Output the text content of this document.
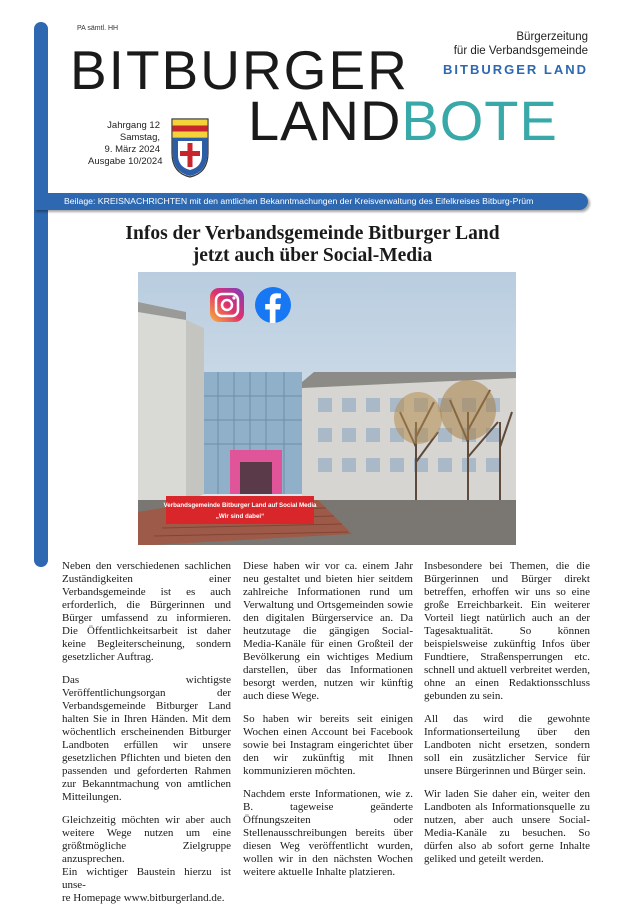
PA sämtl. HH
BITBURGER
Bürgerzeitung
für die Verbandsgemeinde
BITBURGER LAND
Jahrgang 12
Samstag,
9. März 2024
Ausgabe 10/2024
LANDBOTE
Beilage: KREISNACHRICHTEN mit den amtlichen Bekanntmachungen der Kreisverwaltung des Eifelkreises Bitburg-Prüm
Infos der Verbandsgemeinde Bitburger Land
jetzt auch über Social-Media
Verbandsgemeinde Bitburger Land auf Social Media
„Wir sind dabei“

Neben den verschiedenen sachlichen Zuständigkeiten einer Verbandsgemeinde ist es auch erforderlich, die Bürgerinnen und Bürger umfassend zu informieren. Die Öffentlichkeitsarbeit ist daher keine Begleiterscheinung, sondern gesetzlicher Auftrag.

Das wichtigste Veröffentlichungsorgan der Verbandsgemeinde Bitburger Land halten Sie in Ihren Händen. Mit dem wöchentlich erscheinenden Bitburger Landboten erfüllen wir unsere gesetzlichen Pflichten und bieten den passenden und geforderten Rahmen zur Bekanntmachung von amtlichen Mitteilungen.

Gleichzeitig möchten wir aber auch weitere Wege nutzen um eine größtmögliche Zielgruppe anzusprechen.

Ein wichtiger Baustein hierzu ist unse-
re Homepage www.bitburgerland.de.

Diese haben wir vor ca. einem Jahr neu gestaltet und bieten hier seitdem zahlreiche Informationen rund um Verwaltung und Ortsgemeinden sowie den digitalen Bürgerservice an. Da heutzutage die gängigen Social-Media-Kanäle für einen Großteil der Bevölkerung ein wichtiges Medium darstellen, über das Informationen besorgt werden, nutzen wir künftig auch diese Wege.

So haben wir bereits seit einigen Wochen einen Account bei Facebook sowie bei Instagram eingerichtet über den wir zukünftig mit Ihnen kommunizieren möchten.

Nachdem erste Informationen, wie z. B. tageweise geänderte Öffnungszeiten oder Stellenausschreibungen bereits über diesen Weg veröffentlicht wurden, wollen wir in den nächsten Wochen weitere aktuelle Inhalte platzieren.

Insbesondere bei Themen, die die Bürgerinnen und Bürger direkt betreffen, erhoffen wir uns so eine große Erreichbarkeit. Ein weiterer Vorteil liegt natürlich auch an der Tagesaktualität. So können beispielsweise zukünftig Infos über Fundtiere, Straßensperrungen etc. schnell und aktuell verbreitet werden, ohne an einen Redaktionsschluss gebunden zu sein.

All das wird die gewohnte Informationserteilung über den Landboten nicht ersetzen, sondern soll ein zusätzlicher Service für unsere Bürgerinnen und Bürger sein.

Wir laden Sie daher ein, weiter den Landboten als Informationsquelle zu nutzen, aber auch unsere Social-Media-Kanäle zu besuchen. So dürfen also ab sofort gerne Inhalte geliked und geteilt werden.
